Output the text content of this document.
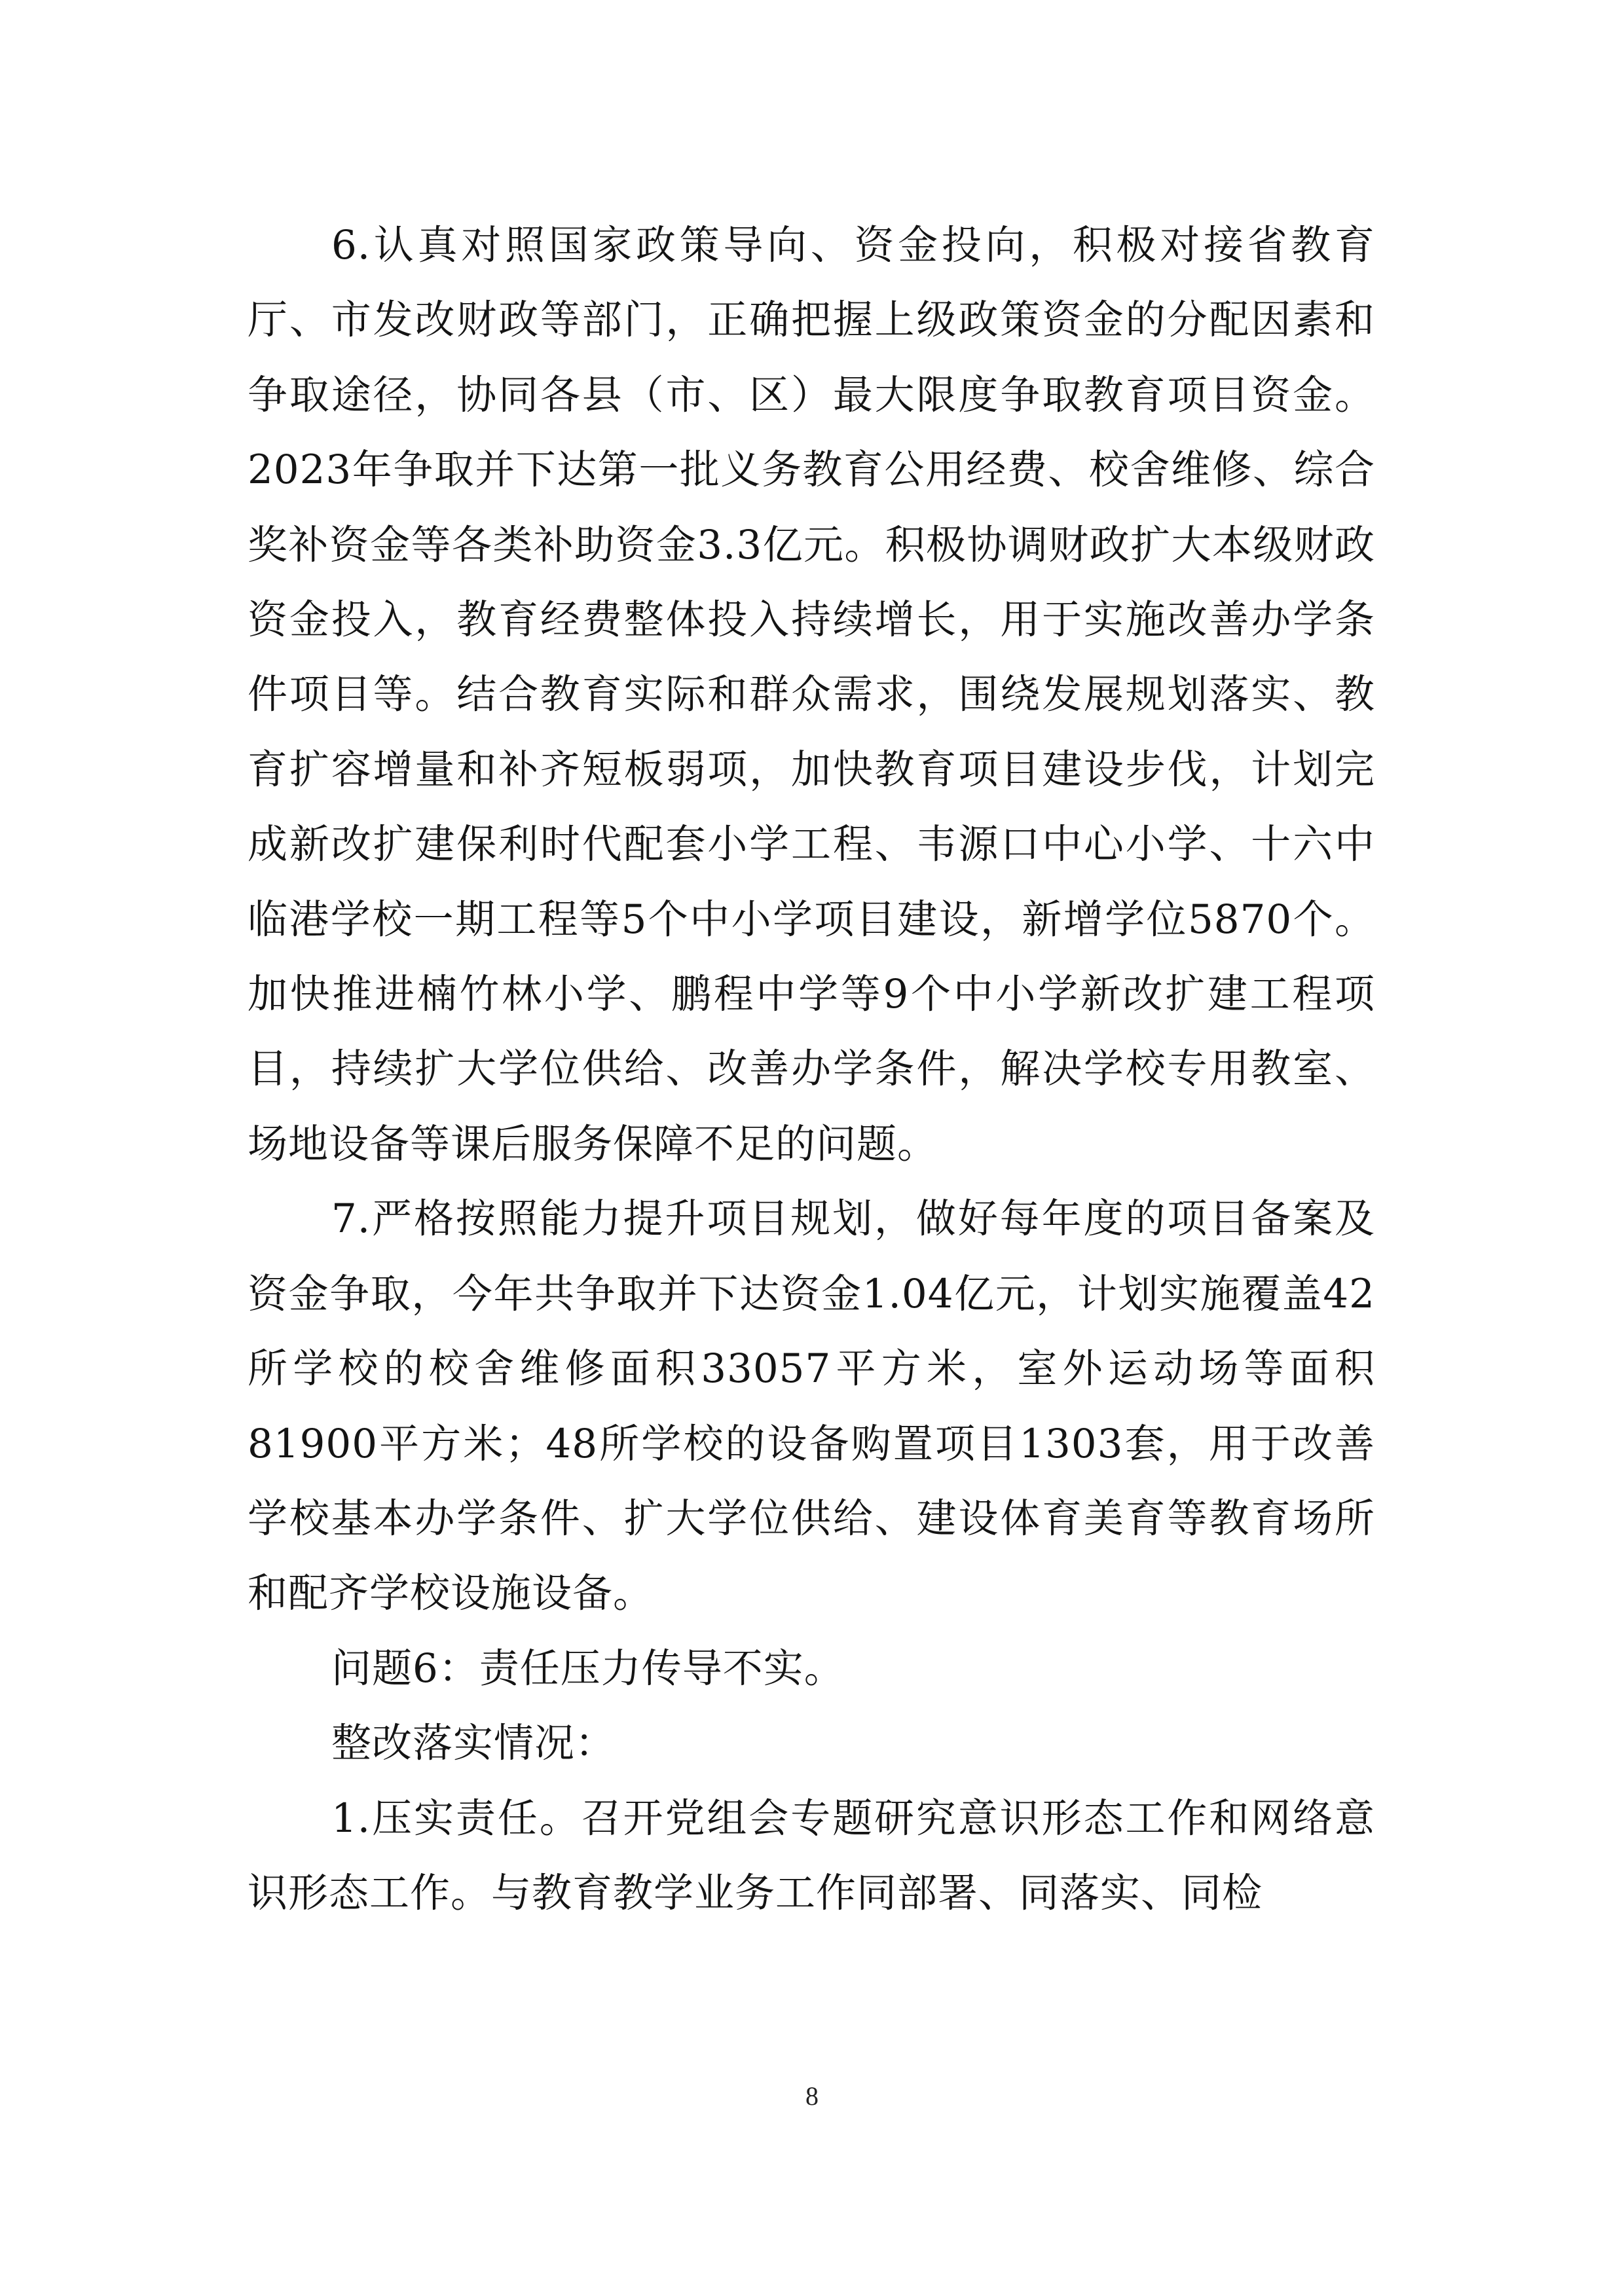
6.认真对照国家政策导向、资金投向，积极对接省教育厅、市发改财政等部门，正确把握上级政策资金的分配因素和争取途径，协同各县（市、区）最大限度争取教育项目资金。2023年争取并下达第一批义务教育公用经费、校舍维修、综合奖补资金等各类补助资金3.3亿元。积极协调财政扩大本级财政资金投入，教育经费整体投入持续增长，用于实施改善办学条件项目等。结合教育实际和群众需求，围绕发展规划落实、教育扩容增量和补齐短板弱项，加快教育项目建设步伐，计划完成新改扩建保利时代配套小学工程、韦源口中心小学、十六中临港学校一期工程等5个中小学项目建设，新增学位5870个。加快推进楠竹林小学、鹏程中学等9个中小学新改扩建工程项目，持续扩大学位供给、改善办学条件，解决学校专用教室、场地设备等课后服务保障不足的问题。

7.严格按照能力提升项目规划，做好每年度的项目备案及资金争取，今年共争取并下达资金1.04亿元，计划实施覆盖42所学校的校舍维修面积33057平方米，室外运动场等面积81900平方米；48所学校的设备购置项目1303套，用于改善学校基本办学条件、扩大学位供给、建设体育美育等教育场所和配齐学校设施设备。

问题6：责任压力传导不实。

整改落实情况：

1.压实责任。召开党组会专题研究意识形态工作和网络意识形态工作。与教育教学业务工作同部署、同落实、同检

8
